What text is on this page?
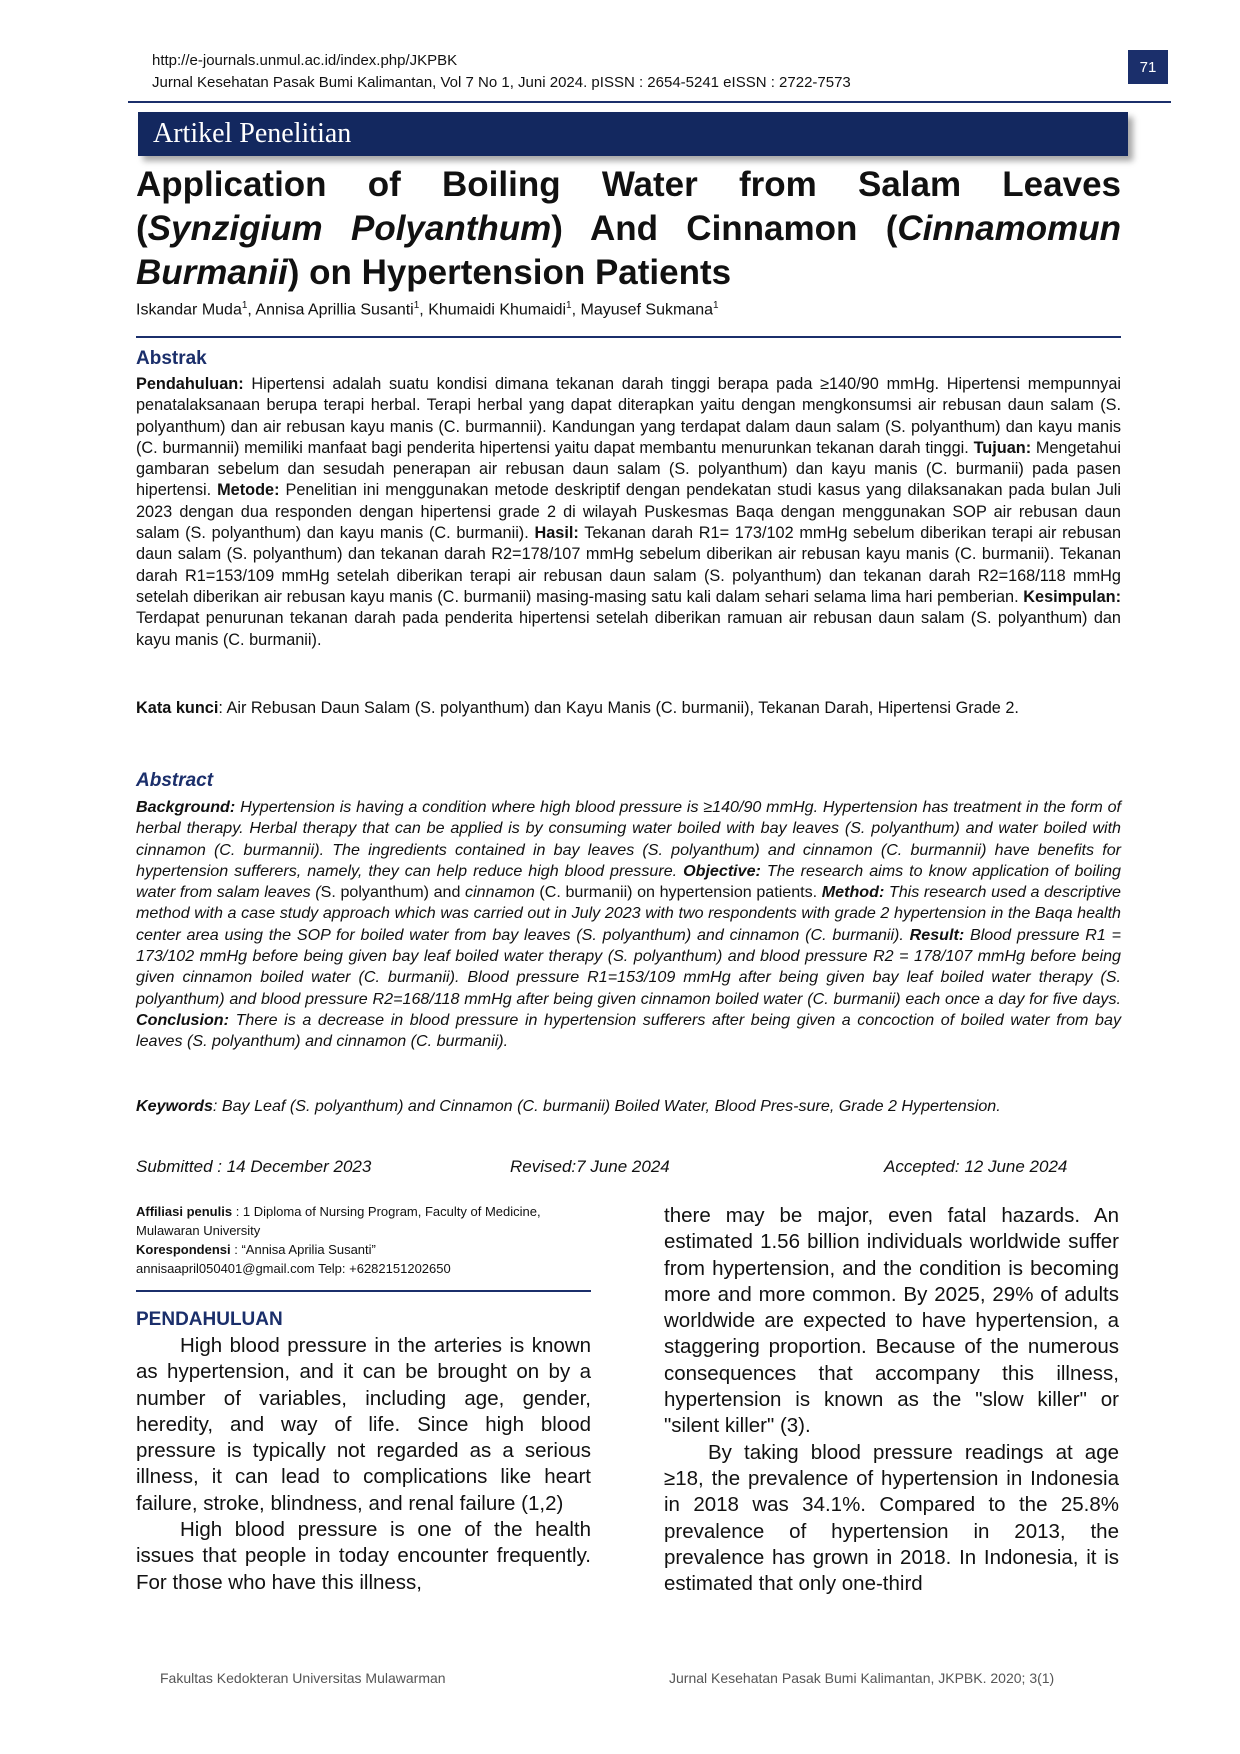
http://e-journals.unmul.ac.id/index.php/JKPBK
Jurnal Kesehatan Pasak Bumi Kalimantan, Vol 7 No 1, Juni 2024. pISSN : 2654-5241 eISSN : 2722-7573
71
Artikel Penelitian
Application of Boiling Water from Salam Leaves (Synzigium Polyanthum) And Cinnamon (Cinnamomun Burmanii) on Hypertension Patients
Iskandar Muda$^1$, Annisa Aprillia Susanti$^1$, Khumaidi Khumaidi$^1$, Mayusef Sukmana$^1$
Abstrak
Pendahuluan: Hipertensi adalah suatu kondisi dimana tekanan darah tinggi berapa pada ≥140/90 mmHg. Hipertensi mempunnyai penatalaksanaan berupa terapi herbal. Terapi herbal yang dapat diterapkan yaitu dengan mengkonsumsi air rebusan daun salam (S. polyanthum) dan air rebusan kayu manis (C. burmannii). Kandungan yang terdapat dalam daun salam (S. polyanthum) dan kayu manis (C. burmannii) memiliki manfaat bagi penderita hipertensi yaitu dapat membantu menurunkan tekanan darah tinggi. Tujuan: Mengetahui gambaran sebelum dan sesudah penerapan air rebusan daun salam (S. polyanthum) dan kayu manis (C. burmanii) pada pasen hipertensi. Metode: Penelitian ini menggunakan metode deskriptif dengan pendekatan studi kasus yang dilaksanakan pada bulan Juli 2023 dengan dua responden dengan hipertensi grade 2 di wilayah Puskesmas Baqa dengan menggunakan SOP air rebusan daun salam (S. polyanthum) dan kayu manis (C. burmanii). Hasil: Tekanan darah R1= 173/102 mmHg sebelum diberikan terapi air rebusan daun salam (S. polyanthum) dan tekanan darah R2=178/107 mmHg sebelum diberikan air rebusan kayu manis (C. burmanii). Tekanan darah R1=153/109 mmHg setelah diberikan terapi air rebusan daun salam (S. polyanthum) dan tekanan darah R2=168/118 mmHg setelah diberikan air rebusan kayu manis (C. burmanii) masing-masing satu kali dalam sehari selama lima hari pemberian. Kesimpulan: Terdapat penurunan tekanan darah pada penderita hipertensi setelah diberikan ramuan air rebusan daun salam (S. polyanthum) dan kayu manis (C. burmanii).
Kata kunci: Air Rebusan Daun Salam (S. polyanthum) dan Kayu Manis (C. burmanii), Tekanan Darah, Hipertensi Grade 2.
Abstract
Background: Hypertension is having a condition where high blood pressure is ≥140/90 mmHg. Hypertension has treatment in the form of herbal therapy. Herbal therapy that can be applied is by consuming water boiled with bay leaves (S. polyanthum) and water boiled with cinnamon (C. burmannii). The ingredients contained in bay leaves (S. polyanthum) and cinnamon (C. burmannii) have benefits for hypertension sufferers, namely, they can help reduce high blood pressure. Objective: The research aims to know application of boiling water from salam leaves (S. polyanthum) and cinnamon (C. burmanii) on hypertension patients. Method: This research used a descriptive method with a case study approach which was carried out in July 2023 with two respondents with grade 2 hypertension in the Baqa health center area using the SOP for boiled water from bay leaves (S. polyanthum) and cinnamon (C. burmanii). Result: Blood pressure R1 = 173/102 mmHg before being given bay leaf boiled water therapy (S. polyanthum) and blood pressure R2 = 178/107 mmHg before being given cinnamon boiled water (C. burmanii). Blood pressure R1=153/109 mmHg after being given bay leaf boiled water therapy (S. polyanthum) and blood pressure R2=168/118 mmHg after being given cinnamon boiled water (C. burmanii) each once a day for five days. Conclusion: There is a decrease in blood pressure in hypertension sufferers after being given a concoction of boiled water from bay leaves (S. polyanthum) and cinnamon (C. burmanii).
Keywords: Bay Leaf (S. polyanthum) and Cinnamon (C. burmanii) Boiled Water, Blood Pres-sure, Grade 2 Hypertension.
Submitted : 14 December 2023	Revised:7 June 2024	Accepted: 12 June 2024
Affiliasi penulis : 1 Diploma of Nursing Program, Faculty of Medicine, Mulawaran University
Korespondensi : “Annisa Aprilia Susanti”
annisaapril050401@gmail.com Telp: +6282151202650
PENDAHULUAN

High blood pressure in the arteries is known as hypertension, and it can be brought on by a number of variables, including age, gender, heredity, and way of life. Since high blood pressure is typically not regarded as a serious illness, it can lead to complications like heart failure, stroke, blindness, and renal failure (1,2)

High blood pressure is one of the health issues that people in today encounter frequently. For those who have this illness,

there may be major, even fatal hazards. An estimated 1.56 billion individuals worldwide suffer from hypertension, and the condition is becoming more and more common. By 2025, 29% of adults worldwide are expected to have hypertension, a staggering proportion. Because of the numerous consequences that accompany this illness, hypertension is known as the "slow killer" or "silent killer" (3).

By taking blood pressure readings at age ≥18, the prevalence of hypertension in Indonesia in 2018 was 34.1%. Compared to the 25.8% prevalence of hypertension in 2013, the prevalence has grown in 2018. In Indonesia, it is estimated that only one-third

Fakultas Kedokteran Universitas Mulawarman	Jurnal Kesehatan Pasak Bumi Kalimantan, JKPBK. 2020; 3(1)
